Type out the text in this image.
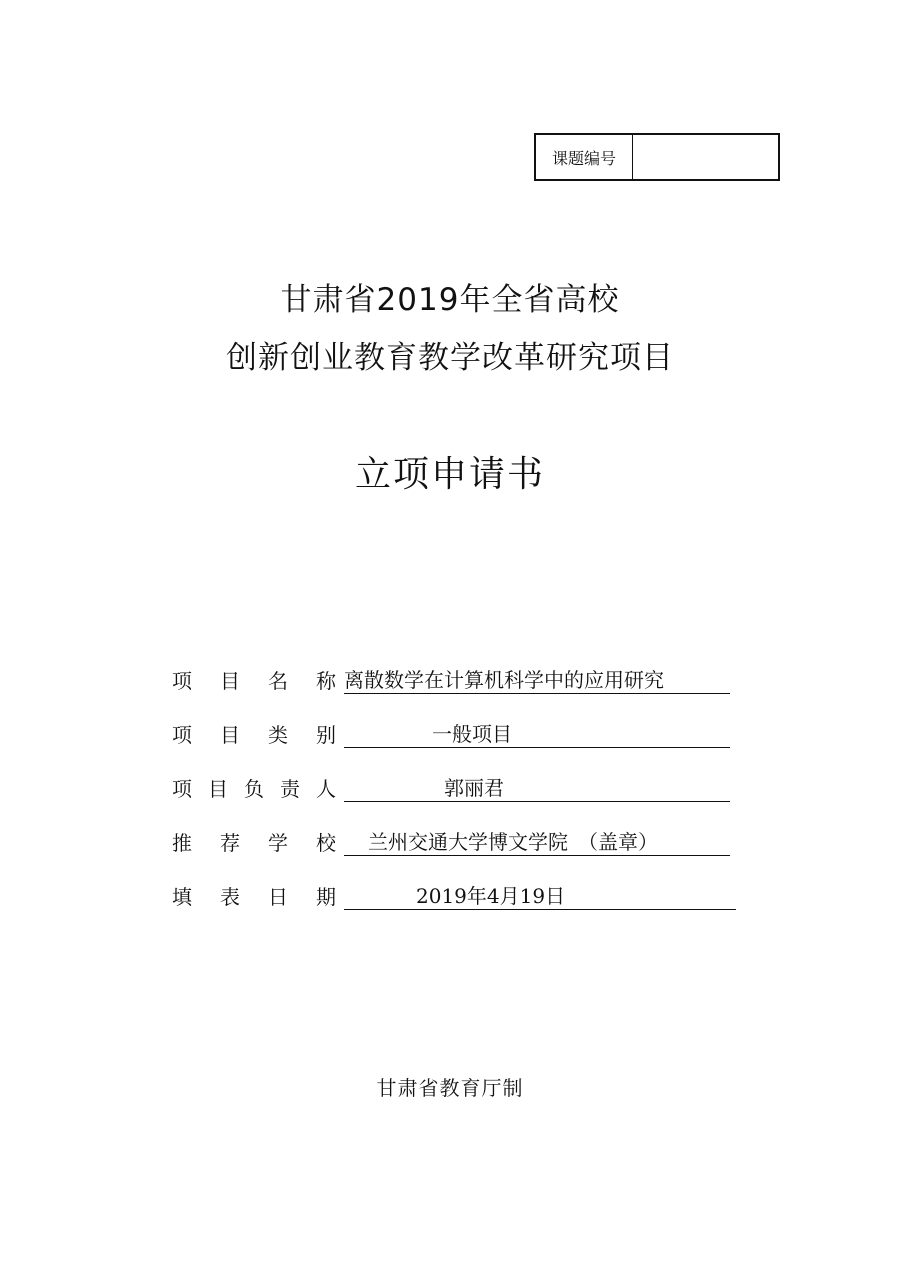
课题编号
甘肃省2019年全省高校
创新创业教育教学改革研究项目
立项申请书
项 目 名 称 离散数学在计算机科学中的应用研究
项 目 类 别	一般项目
项 目 负 责 人	郭丽君
推 荐 学 校	兰州交通大学博文学院　（盖章）
填 表 日 期	2019年4月19日
甘肃省教育厅制
